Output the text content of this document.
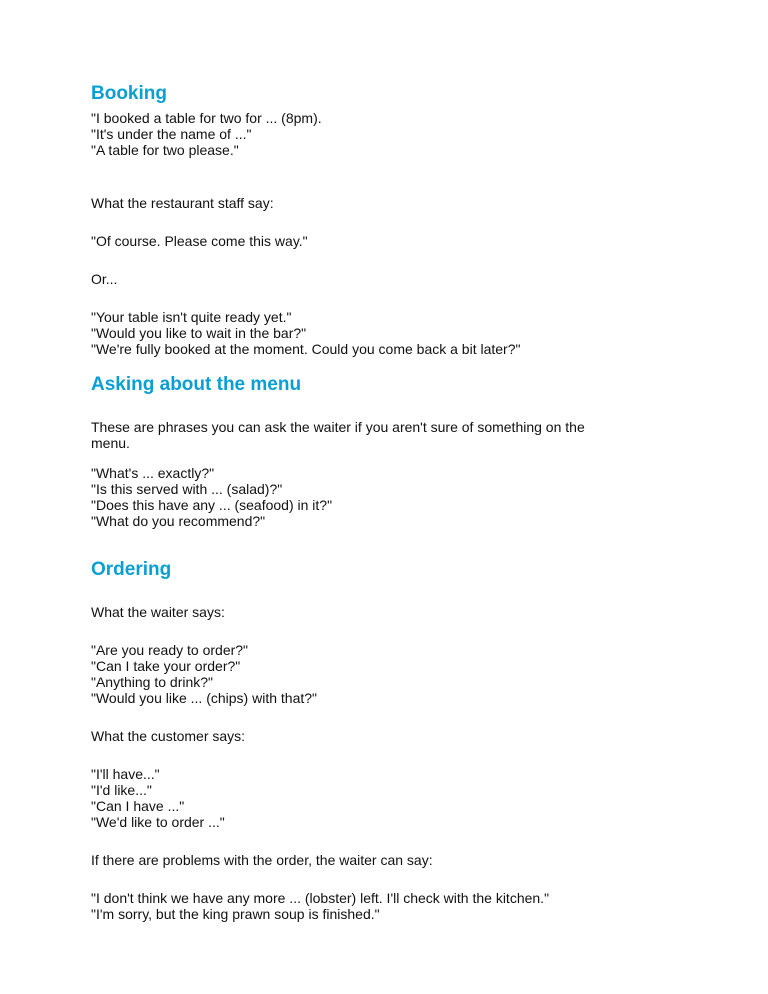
Booking

"I booked a table for two for ... (8pm).
"It's under the name of ..."
"A table for two please."

What the restaurant staff say:

"Of course. Please come this way."

Or...

"Your table isn't quite ready yet."
"Would you like to wait in the bar?"
"We're fully booked at the moment. Could you come back a bit later?"

Asking about the menu

These are phrases you can ask the waiter if you aren't sure of something on the
menu.

"What's ... exactly?"
"Is this served with ... (salad)?"
"Does this have any ... (seafood) in it?"
"What do you recommend?"

Ordering

What the waiter says:

"Are you ready to order?"
"Can I take your order?"
"Anything to drink?"
"Would you like ... (chips) with that?"

What the customer says:

"I'll have..."
"I'd like..."
"Can I have ..."
"We'd like to order ..."

If there are problems with the order, the waiter can say:

"I don't think we have any more ... (lobster) left. I'll check with the kitchen."
"I'm sorry, but the king prawn soup is finished."
